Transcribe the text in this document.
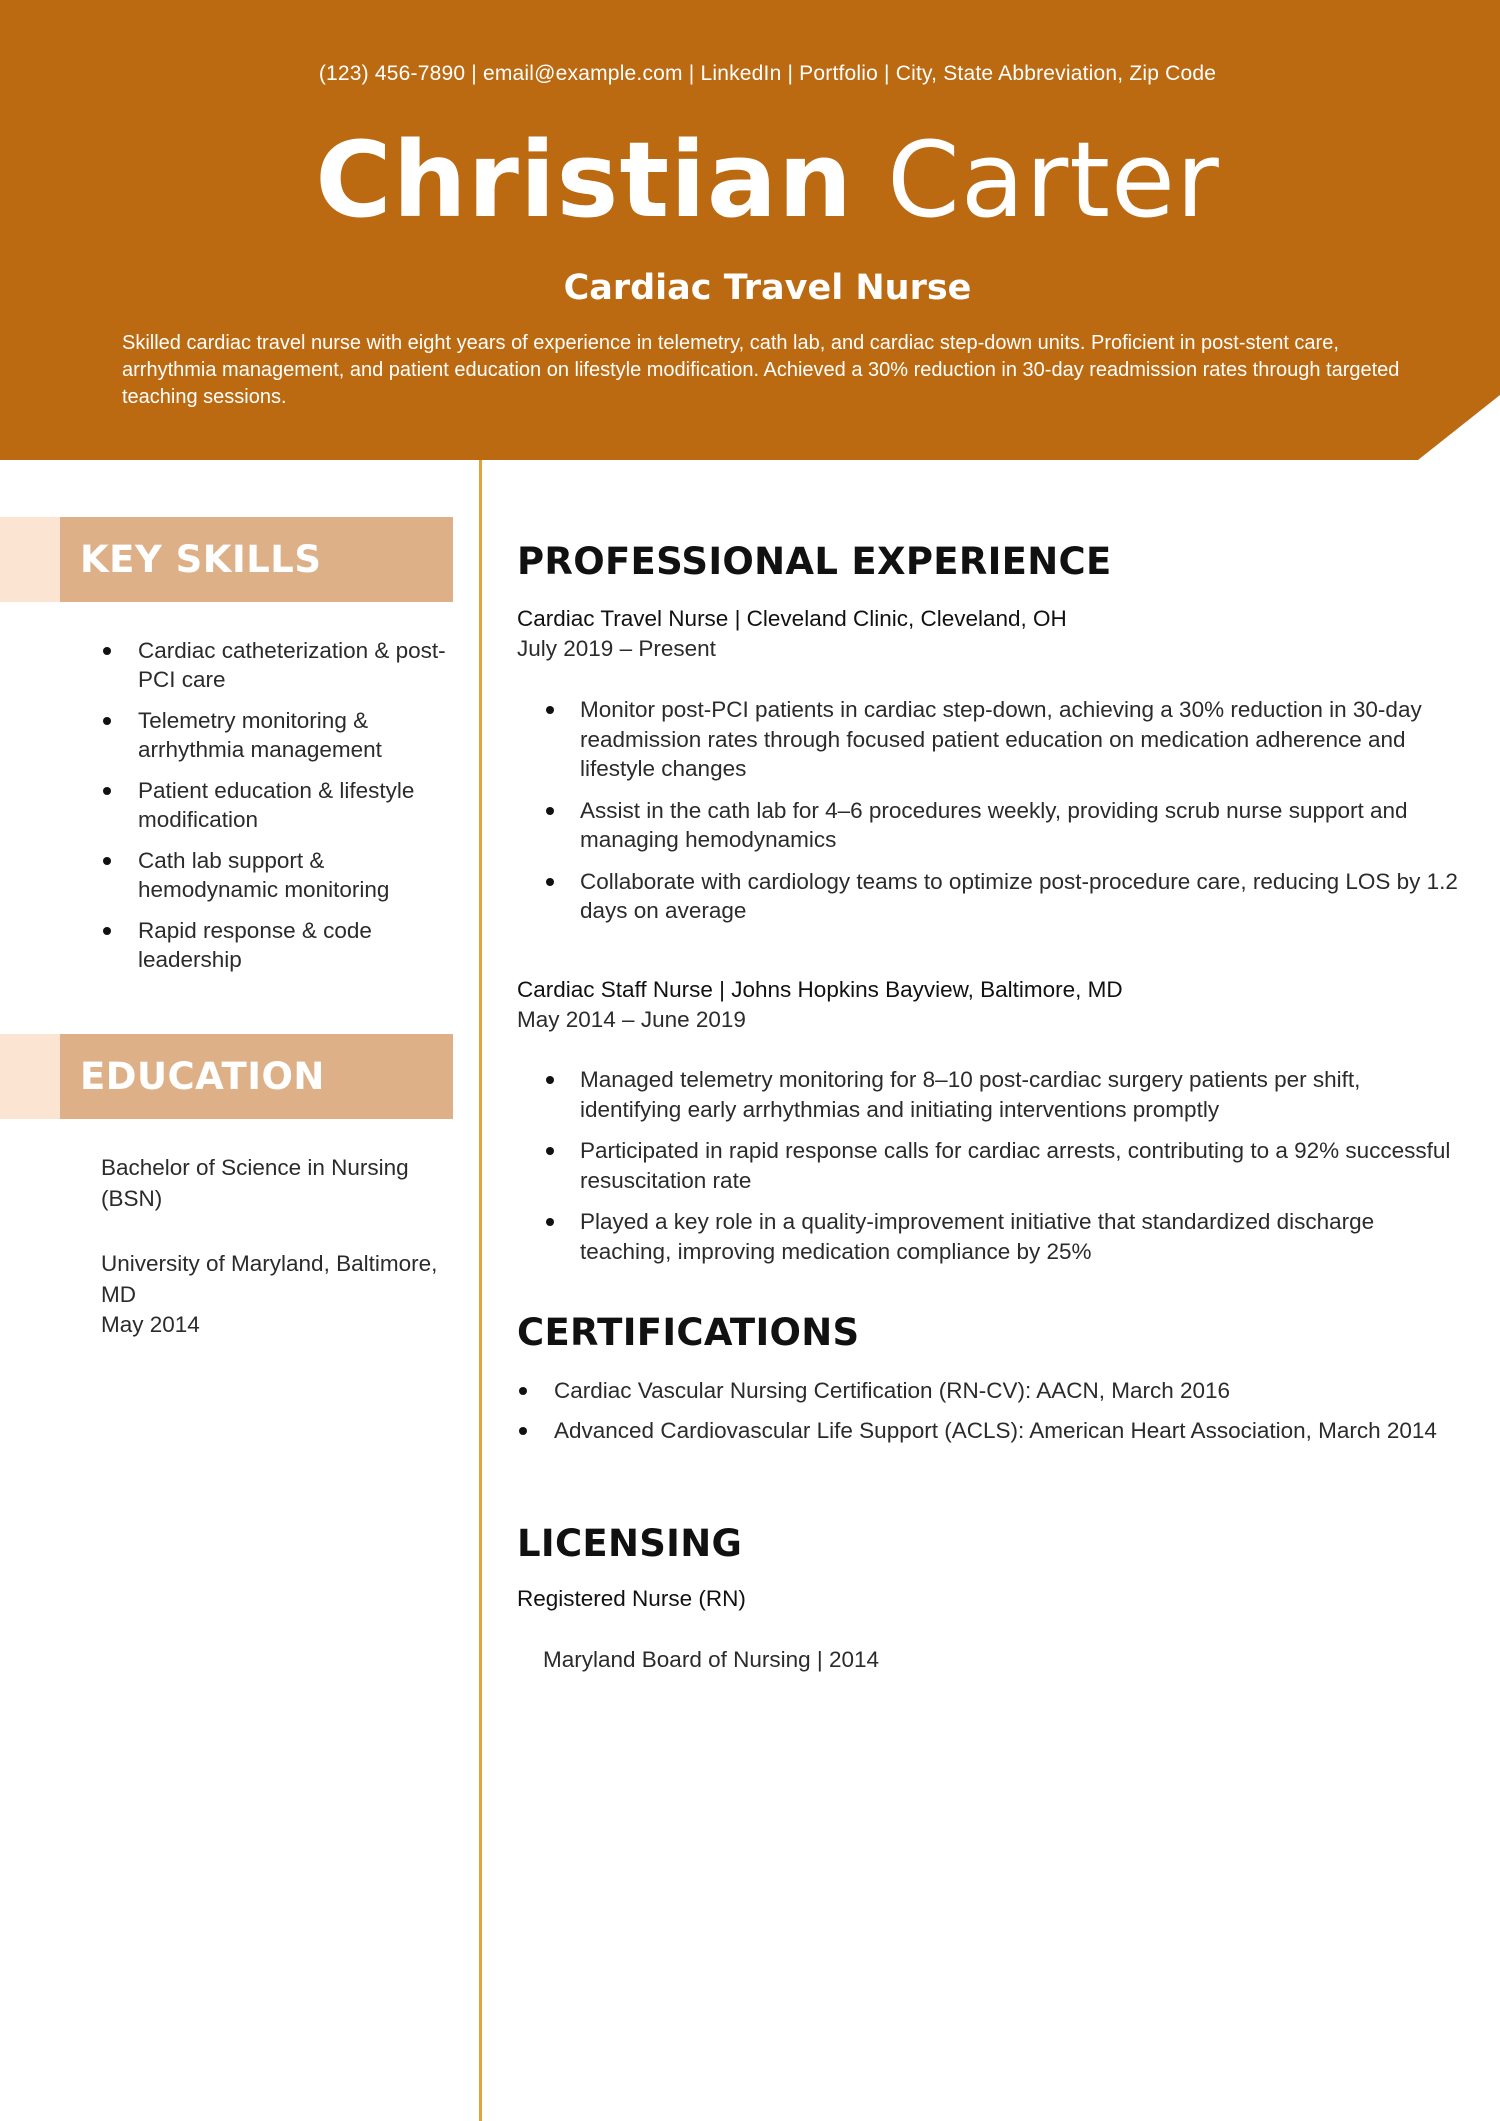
(123) 456-7890 | email@example.com | LinkedIn | Portfolio | City, State Abbreviation, Zip Code
Christian Carter
Cardiac Travel Nurse
Skilled cardiac travel nurse with eight years of experience in telemetry, cath lab, and cardiac step-down units. Proficient in post-stent care, arrhythmia management, and patient education on lifestyle modification. Achieved a 30% reduction in 30-day readmission rates through targeted teaching sessions.
KEY SKILLS
Cardiac catheterization & post-PCI care
Telemetry monitoring & arrhythmia management
Patient education & lifestyle modification
Cath lab support & hemodynamic monitoring
Rapid response & code leadership
EDUCATION
Bachelor of Science in Nursing (BSN)
University of Maryland, Baltimore, MD
May 2014
PROFESSIONAL EXPERIENCE
Cardiac Travel Nurse | Cleveland Clinic, Cleveland, OH
July 2019 – Present
Monitor post-PCI patients in cardiac step-down, achieving a 30% reduction in 30-day readmission rates through focused patient education on medication adherence and lifestyle changes
Assist in the cath lab for 4–6 procedures weekly, providing scrub nurse support and managing hemodynamics
Collaborate with cardiology teams to optimize post-procedure care, reducing LOS by 1.2 days on average
Cardiac Staff Nurse | Johns Hopkins Bayview, Baltimore, MD
May 2014 – June 2019
Managed telemetry monitoring for 8–10 post-cardiac surgery patients per shift, identifying early arrhythmias and initiating interventions promptly
Participated in rapid response calls for cardiac arrests, contributing to a 92% successful resuscitation rate
Played a key role in a quality-improvement initiative that standardized discharge teaching, improving medication compliance by 25%
CERTIFICATIONS
Cardiac Vascular Nursing Certification (RN-CV): AACN, March 2016
Advanced Cardiovascular Life Support (ACLS): American Heart Association, March 2014
LICENSING
Registered Nurse (RN)
Maryland Board of Nursing | 2014
